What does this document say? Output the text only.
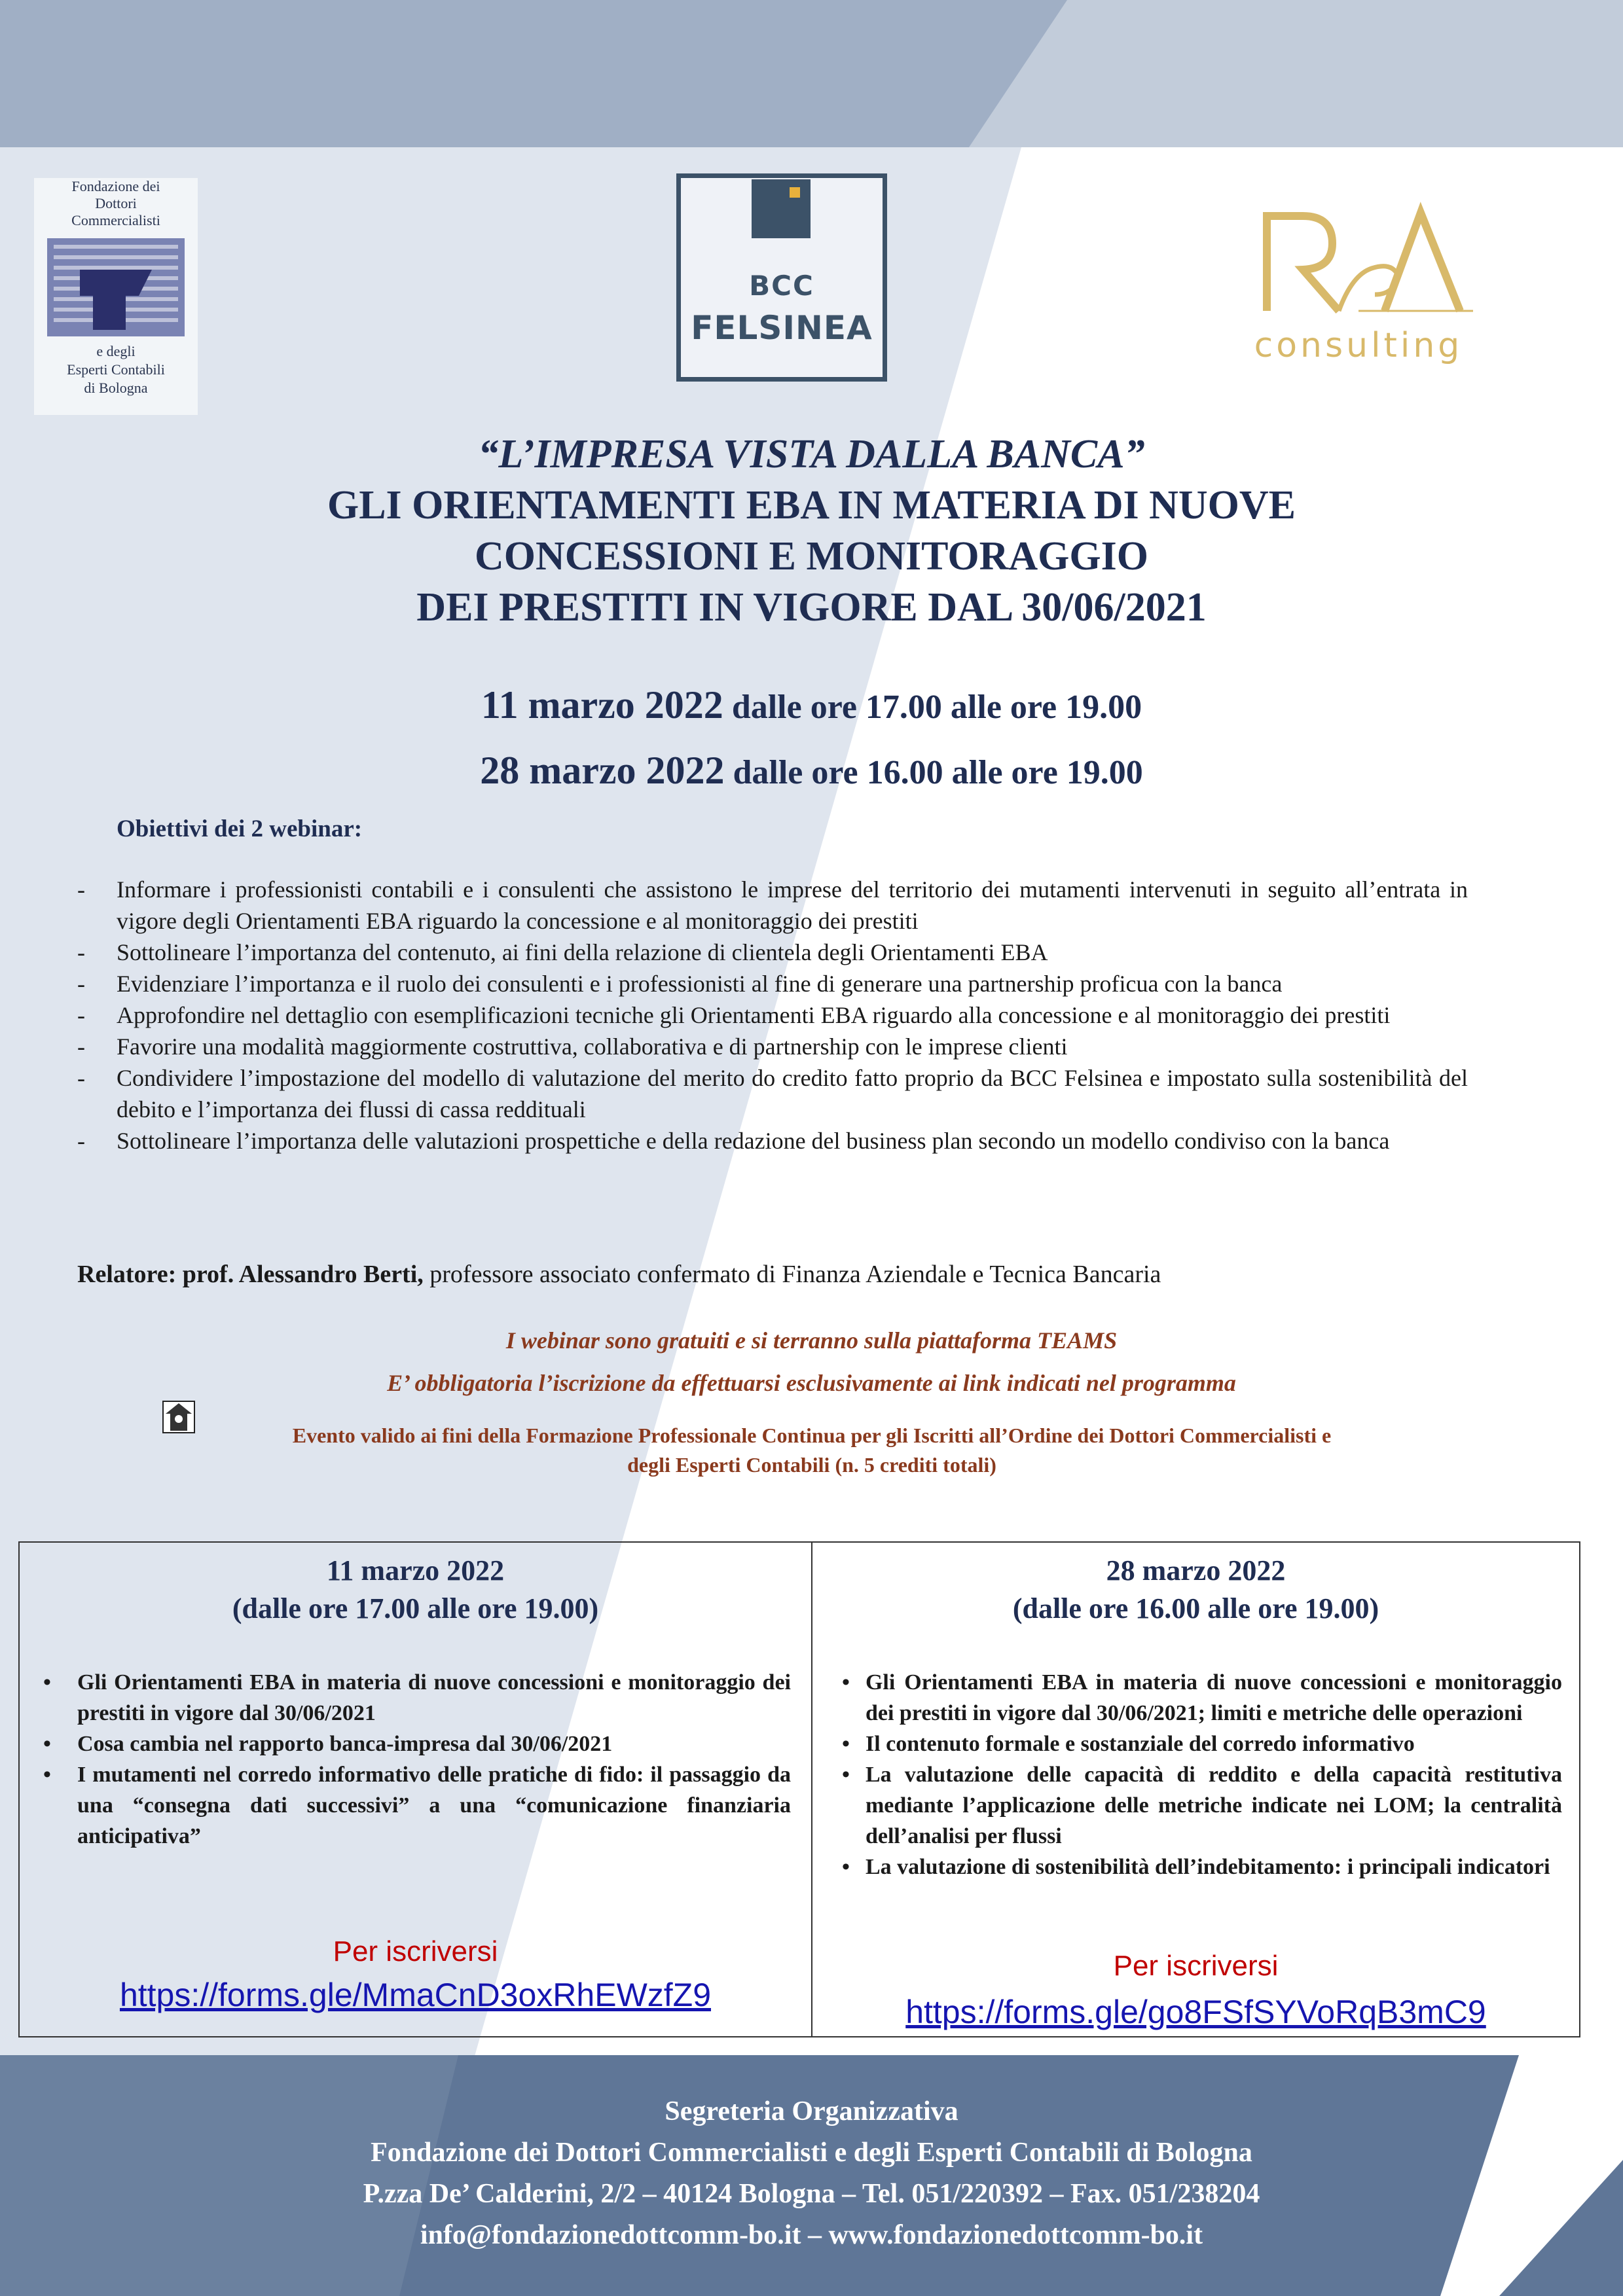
Fondazione dei
Dottori
Commercialisti
e degli
Esperti Contabili
di Bologna
BCC
FELSINEA	consulting

“L’IMPRESA VISTA DALLA BANCA”

GLI ORIENTAMENTI EBA IN MATERIA DI NUOVE

CONCESSIONI E MONITORAGGIO

DEI PRESTITI IN VIGORE DAL 30/06/2021

11 marzo 2022 dalle ore 17.00 alle ore 19.00
28 marzo 2022 dalle ore 16.00 alle ore 19.00
Obiettivi dei 2 webinar:
- Informare i professionisti contabili e i consulenti che assistono le imprese del territorio dei mutamenti intervenuti in seguito all’entrata in vigore degli Orientamenti EBA riguardo la concessione e al monitoraggio dei prestiti
- Sottolineare l’importanza del contenuto, ai fini della relazione di clientela degli Orientamenti EBA
- Evidenziare l’importanza e il ruolo dei consulenti e i professionisti al fine di generare una partnership proficua con la banca
- Approfondire nel dettaglio con esemplificazioni tecniche gli Orientamenti EBA riguardo alla concessione e al monitoraggio dei prestiti
- Favorire una modalità maggiormente costruttiva, collaborativa e di partnership con le imprese clienti
- Condividere l’impostazione del modello di valutazione del merito do credito fatto proprio da BCC Felsinea e impostato sulla sostenibilità del debito e l’importanza dei flussi di cassa reddituali
- Sottolineare l’importanza delle valutazioni prospettiche e della redazione del business plan secondo un modello condiviso con la banca
Relatore: prof. Alessandro Berti, professore associato confermato di Finanza Aziendale e Tecnica Bancaria
I webinar sono gratuiti e si terranno sulla piattaforma TEAMS
E’ obbligatoria l’iscrizione da effettuarsi esclusivamente ai link indicati nel programma
Evento valido ai fini della Formazione Professionale Continua per gli Iscritti all’Ordine dei Dottori Commercialisti e
degli Esperti Contabili (n. 5 crediti totali)

11 marzo 2022

(dalle ore 17.00 alle ore 19.00)

• Gli Orientamenti EBA in materia di nuove concessioni e monitoraggio dei prestiti in vigore dal 30/06/2021
• Cosa cambia nel rapporto banca-impresa dal 30/06/2021
• I mutamenti nel corredo informativo delle pratiche di fido: il passaggio da una “consegna dati successivi” a una “comunicazione finanziaria anticipativa”
Per iscriversi
https://forms.gle/MmaCnD3oxRhEWzfZ9

28 marzo 2022

(dalle ore 16.00 alle ore 19.00)

• Gli Orientamenti EBA in materia di nuove concessioni e monitoraggio dei prestiti in vigore dal 30/06/2021; limiti e metriche delle operazioni
• Il contenuto formale e sostanziale del corredo informativo
• La valutazione delle capacità di reddito e della capacità restitutiva mediante l’applicazione delle metriche indicate nei LOM; la centralità dell’analisi per flussi
• La valutazione di sostenibilità dell’indebitamento: i principali indicatori
Per iscriversi
https://forms.gle/go8FSfSYVoRqB3mC9
Segreteria Organizzativa
Fondazione dei Dottori Commercialisti e degli Esperti Contabili di Bologna
P.zza De’ Calderini, 2/2 – 40124 Bologna – Tel. 051/220392 – Fax. 051/238204
info@fondazionedottcomm-bo.it – www.fondazionedottcomm-bo.it
